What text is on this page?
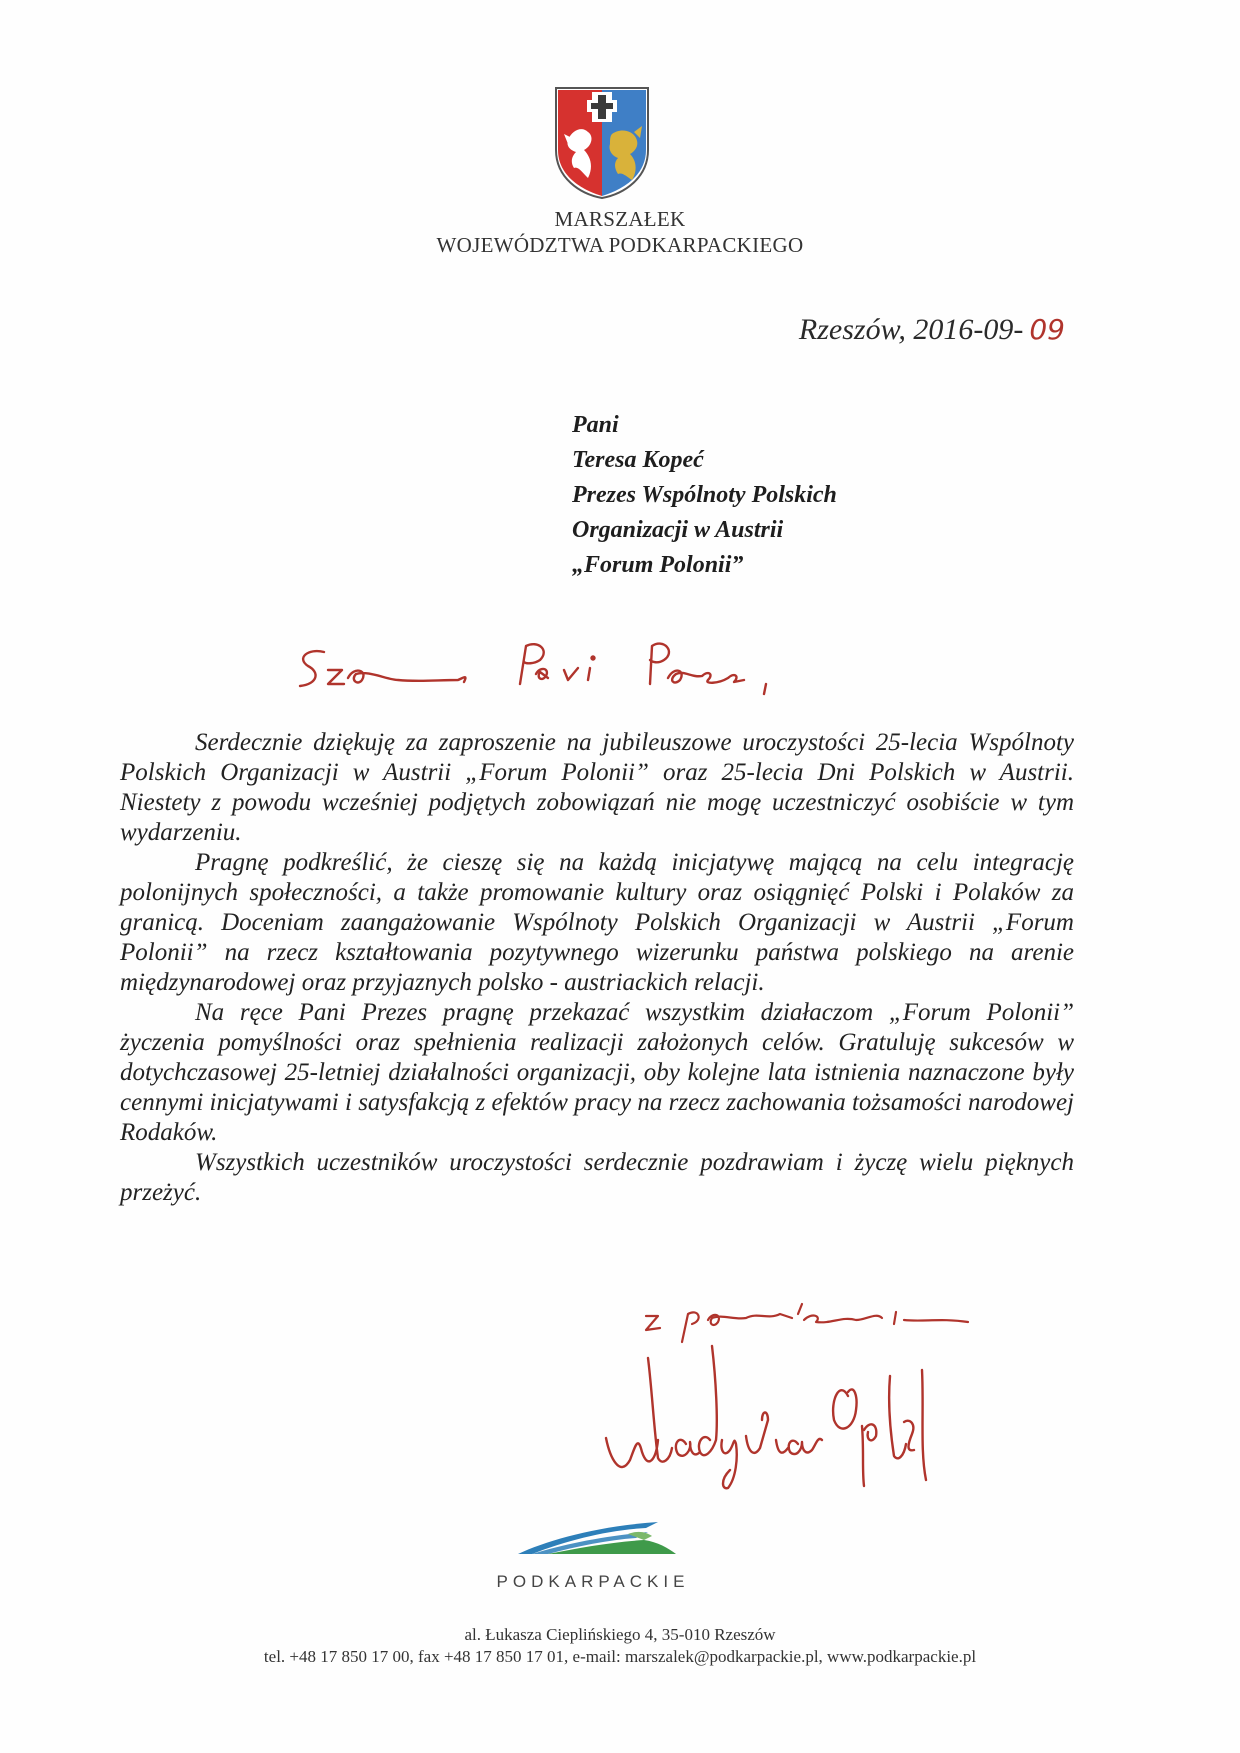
MARSZAŁEK
WOJEWÓDZTWA PODKARPACKIEGO
Rzeszów, 2016-09- 09
Pani
Teresa Kopeć
Prezes Wspólnoty Polskich
Organizacji w Austrii
„Forum Polonii”

Serdecznie dziękuję za zaproszenie na jubileuszowe uroczystości 25-lecia Wspólnoty Polskich Organizacji w Austrii „Forum Polonii” oraz 25-lecia Dni Polskich w Austrii. Niestety z powodu wcześniej podjętych zobowiązań nie mogę uczestniczyć osobiście w tym wydarzeniu.

Pragnę podkreślić, że cieszę się na każdą inicjatywę mającą na celu integrację polonijnych społeczności, a także promowanie kultury oraz osiągnięć Polski i Polaków za granicą. Doceniam zaangażowanie Wspólnoty Polskich Organizacji w Austrii „Forum Polonii” na rzecz kształtowania pozytywnego wizerunku państwa polskiego na arenie międzynarodowej oraz przyjaznych polsko - austriackich relacji.

Na ręce Pani Prezes pragnę przekazać wszystkim działaczom „Forum Polonii” życzenia pomyślności oraz spełnienia realizacji założonych celów. Gratuluję sukcesów w dotychczasowej 25-letniej działalności organizacji, oby kolejne lata istnienia naznaczone były cennymi inicjatywami i satysfakcją z efektów pracy na rzecz zachowania tożsamości narodowej Rodaków.

Wszystkich uczestników uroczystości serdecznie pozdrawiam i życzę wielu pięknych przeżyć.

PODKARPACKIE
al. Łukasza Cieplińskiego 4, 35-010 Rzeszów
tel. +48 17 850 17 00, fax +48 17 850 17 01, e-mail: marszalek@podkarpackie.pl, www.podkarpackie.pl
